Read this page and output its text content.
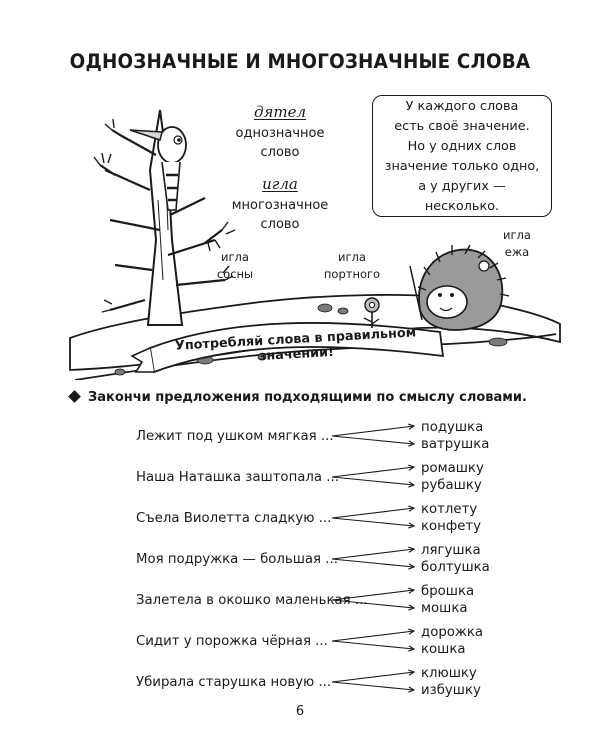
ОДНОЗНАЧНЫЕ И МНОГОЗНАЧНЫЕ СЛОВА
Употребляй слова в правильном значении!
дятел
однозначное
слово
игла
многозначное
слово
У каждого слова
есть своё значение.
Но у одних слов
значение только одно,
а у других —
несколько.
игла
сосны
игла
портного
игла
ежа
Закончи предложения подходящими по смыслу словами.
Лежит под ушком мягкая ...
подушка
ватрушка
Наша Наташка заштопала ...
ромашку
рубашку
Съела Виолетта сладкую ...
котлету
конфету
Моя подружка — большая ...
лягушка
болтушка
Залетела в окошко маленькая ...
брошка
мошка
Сидит у порожка чёрная ...
дорожка
кошка
Убирала старушка новую ...
клюшку
избушку
6
